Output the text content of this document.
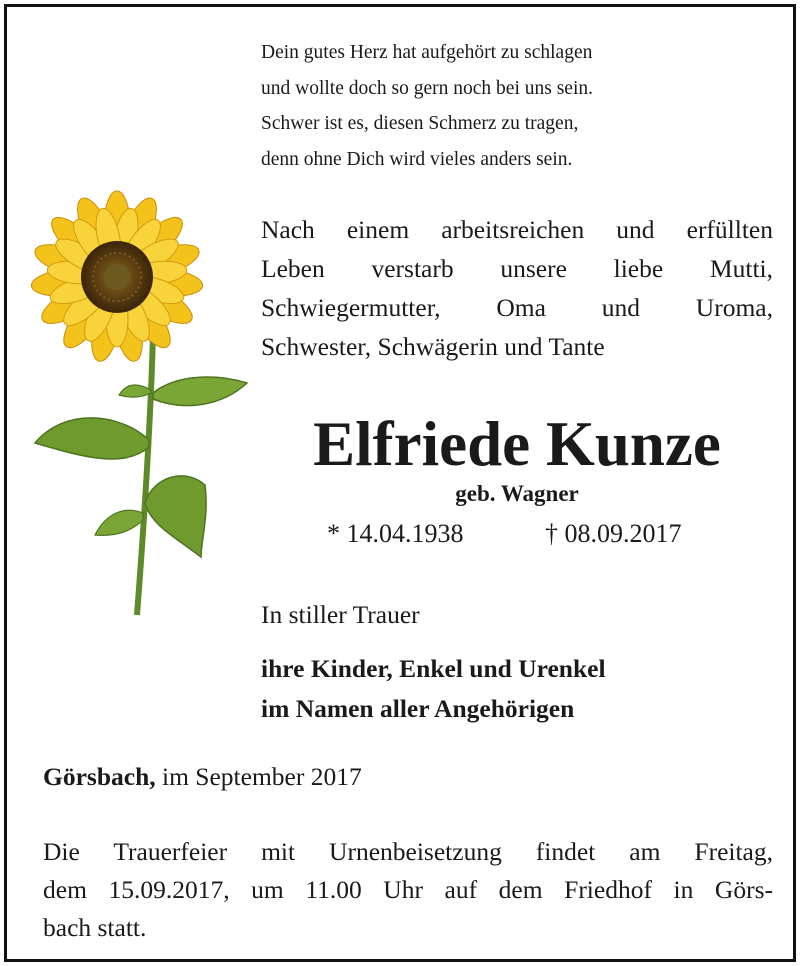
Dein gutes Herz hat aufgehört zu schlagen
und wollte doch so gern noch bei uns sein.
Schwer ist es, diesen Schmerz zu tragen,
denn ohne Dich wird vieles anders sein.
Nach einem arbeitsreichen und erfüllten
Leben verstarb unsere liebe Mutti,
Schwiegermutter, Oma und Uroma,
Schwester, Schwägerin und Tante
Elfriede Kunze
geb. Wagner
* 14.04.1938	† 08.09.2017
In stiller Trauer
ihre Kinder, Enkel und Urenkel
im Namen aller Angehörigen
Görsbach, im September 2017
Die Trauerfeier mit Urnenbeisetzung findet am Freitag,
dem 15.09.2017, um 11.00 Uhr auf dem Friedhof in Görs-
bach statt.
